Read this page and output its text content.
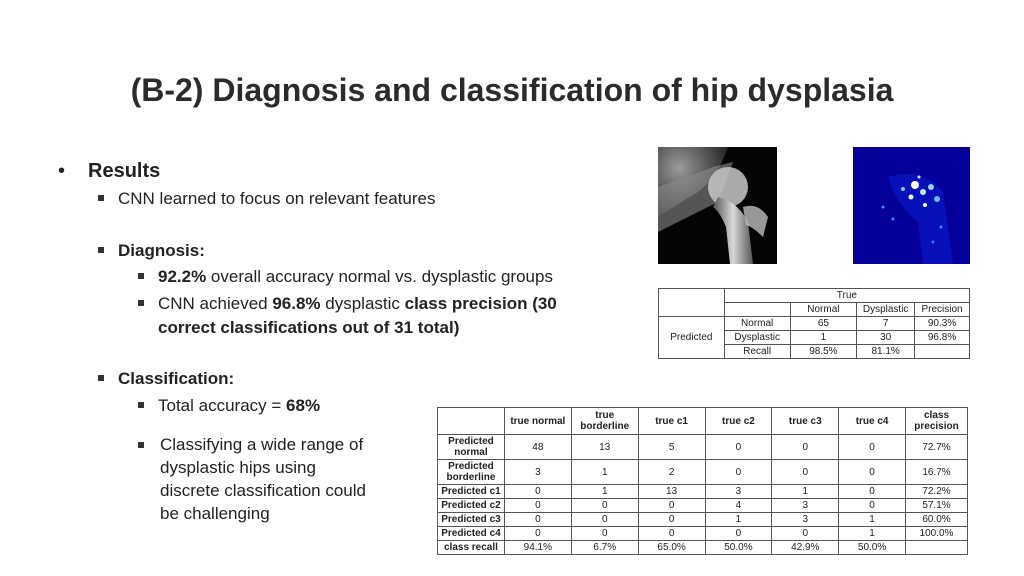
(B-2) Diagnosis and classification of hip dysplasia
• Results
CNN learned to focus on relevant features
Diagnosis:
92.2% overall accuracy normal vs. dysplastic groups
CNN achieved 96.8% dysplastic class precision (30
correct classifications out of 31 total)
Classification:
Total accuracy = 68%
Classifying a wide range of
dysplastic hips using
discrete classification could
be challenging
	True			
		Normal	Dysplastic	Precision
Predicted	Normal	65	7	90.3%
	Dysplastic	1	30	96.8%
	Recall	98.5%	81.1%	
	true normal	true borderline	true c1	true c2	true c3	true c4	class precision
Predicted normal	48	13	5	0	0	0	72.7%
Predicted borderline	3	1	2	0	0	0	16.7%
Predicted c1	0	1	13	3	1	0	72.2%
Predicted c2	0	0	0	4	3	0	57.1%
Predicted c3	0	0	0	1	3	1	60.0%
Predicted c4	0	0	0	0	0	1	100.0%
class recall	94.1%	6.7%	65.0%	50.0%	42.9%	50.0%	
